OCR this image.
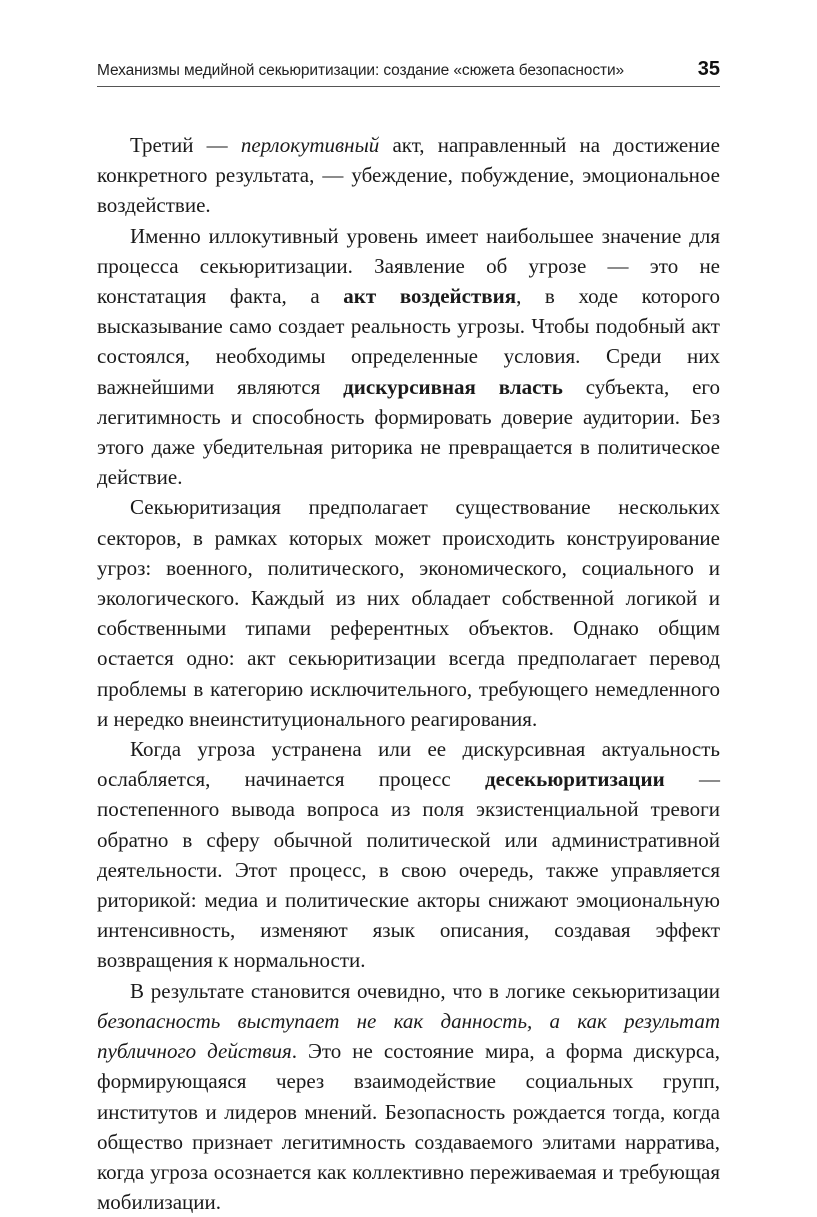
Механизмы медийной секьюритизации: создание «сюжета безопасности»	35

Третий — перлокутивный акт, направленный на достижение конкретного результата, — убеждение, побуждение, эмоциональное воздействие.

Именно иллокутивный уровень имеет наибольшее значение для процесса секьюритизации. Заявление об угрозе — это не констатация факта, а акт воздействия, в ходе которого высказывание само создает реальность угрозы. Чтобы подобный акт состоялся, необходимы определенные условия. Среди них важнейшими являются дискурсивная власть субъекта, его легитимность и способность формировать доверие аудитории. Без этого даже убедительная риторика не превращается в политическое действие.

Секьюритизация предполагает существование нескольких секторов, в рамках которых может происходить конструирование угроз: военного, политического, экономического, социального и экологического. Каждый из них обладает собственной логикой и собственными типами референтных объектов. Однако общим остается одно: акт секьюритизации всегда предполагает перевод проблемы в категорию исключительного, требующего немедленного и нередко внеинституционального реагирования.

Когда угроза устранена или ее дискурсивная актуальность ослабляется, начинается процесс десекьюритизации — постепенного вывода вопроса из поля экзистенциальной тревоги обратно в сферу обычной политической или административной деятельности. Этот процесс, в свою очередь, также управляется риторикой: медиа и политические акторы снижают эмоциональную интенсивность, изменяют язык описания, создавая эффект возвращения к нормальности.

В результате становится очевидно, что в логике секьюритизации безопасность выступает не как данность, а как результат публичного действия. Это не состояние мира, а форма дискурса, формирующаяся через взаимодействие социальных групп, институтов и лидеров мнений. Безопасность рождается тогда, когда общество признает легитимность создаваемого элитами нарратива, когда угроза осознается как коллективно переживаемая и требующая мобилизации.
